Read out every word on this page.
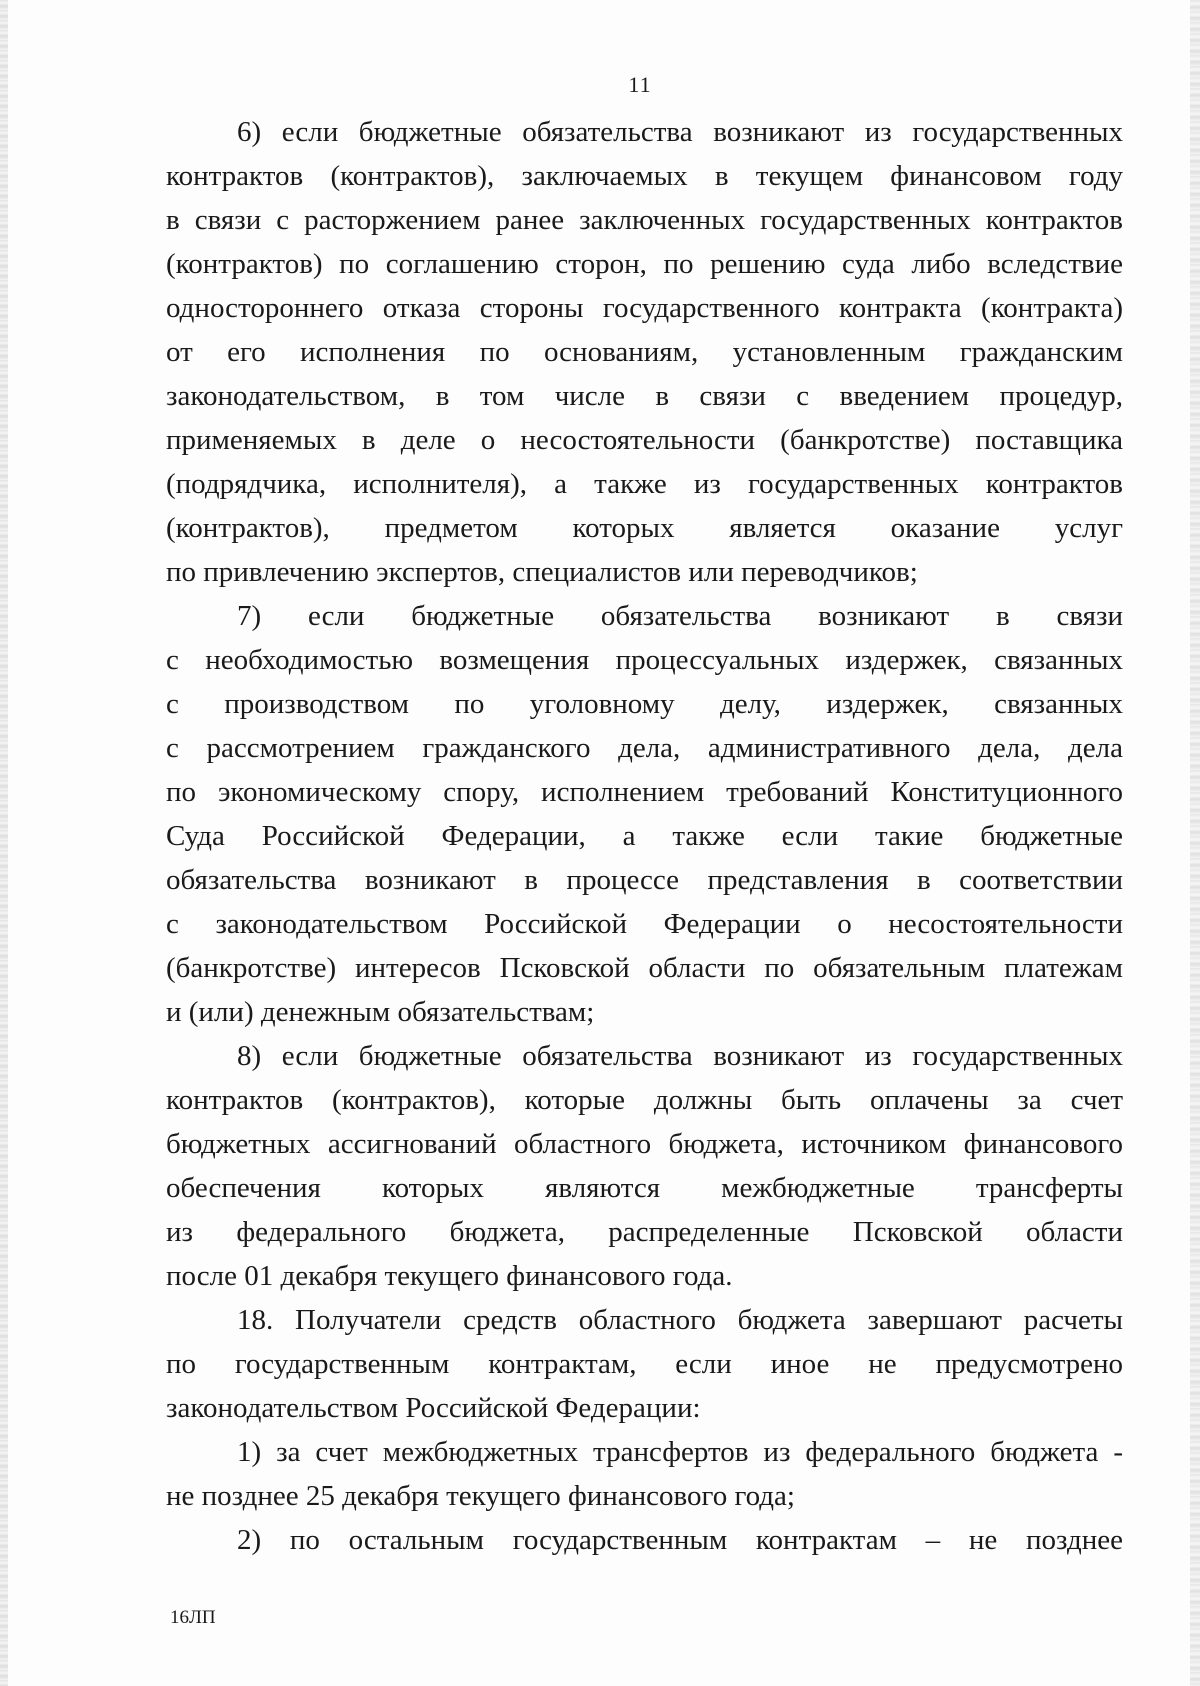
11
6) если бюджетные обязательства возникают из государственных
контрактов (контрактов), заключаемых в текущем финансовом году
в связи с расторжением ранее заключенных государственных контрактов
(контрактов) по соглашению сторон, по решению суда либо вследствие
одностороннего отказа стороны государственного контракта (контракта)
от его исполнения по основаниям, установленным гражданским
законодательством, в том числе в связи с введением процедур,
применяемых в деле о несостоятельности (банкротстве) поставщика
(подрядчика, исполнителя), а также из государственных контрактов
(контрактов), предметом которых является оказание услуг
по привлечению экспертов, специалистов или переводчиков;
7) если бюджетные обязательства возникают в связи
с необходимостью возмещения процессуальных издержек, связанных
с производством по уголовному делу, издержек, связанных
с рассмотрением гражданского дела, административного дела, дела
по экономическому спору, исполнением требований Конституционного
Суда Российской Федерации, а также если такие бюджетные
обязательства возникают в процессе представления в соответствии
с законодательством Российской Федерации о несостоятельности
(банкротстве) интересов Псковской области по обязательным платежам
и (или) денежным обязательствам;
8) если бюджетные обязательства возникают из государственных
контрактов (контрактов), которые должны быть оплачены за счет
бюджетных ассигнований областного бюджета, источником финансового
обеспечения которых являются межбюджетные трансферты
из федерального бюджета, распределенные Псковской области
после 01 декабря текущего финансового года.
18. Получатели средств областного бюджета завершают расчеты
по государственным контрактам, если иное не предусмотрено
законодательством Российской Федерации:
1) за счет межбюджетных трансфертов из федерального бюджета -
не позднее 25 декабря текущего финансового года;
2) по остальным государственным контрактам – не позднее
16ЛП
